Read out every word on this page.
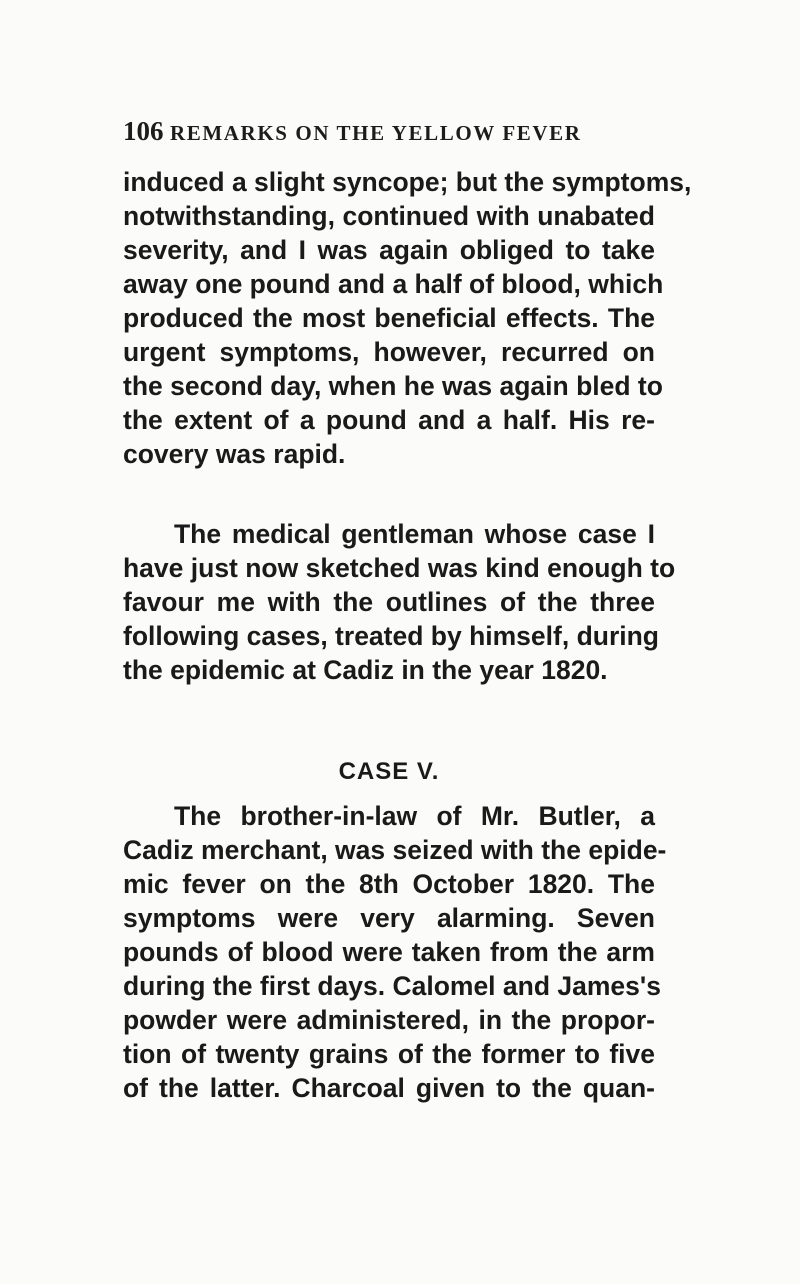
106 REMARKS ON THE YELLOW FEVER
induced a slight syncope; but the symptoms,
notwithstanding, continued with unabated
severity, and I was again obliged to take
away one pound and a half of blood, which
produced the most beneficial effects. The
urgent symptoms, however, recurred on
the second day, when he was again bled to
the extent of a pound and a half. His re-
covery was rapid.
The medical gentleman whose case I
have just now sketched was kind enough to
favour me with the outlines of the three
following cases, treated by himself, during
the epidemic at Cadiz in the year 1820.
CASE V.
The brother-in-law of Mr. Butler, a
Cadiz merchant, was seized with the epide-
mic fever on the 8th October 1820. The
symptoms were very alarming. Seven
pounds of blood were taken from the arm
during the first days. Calomel and James's
powder were administered, in the propor-
tion of twenty grains of the former to five
of the latter. Charcoal given to the quan-
